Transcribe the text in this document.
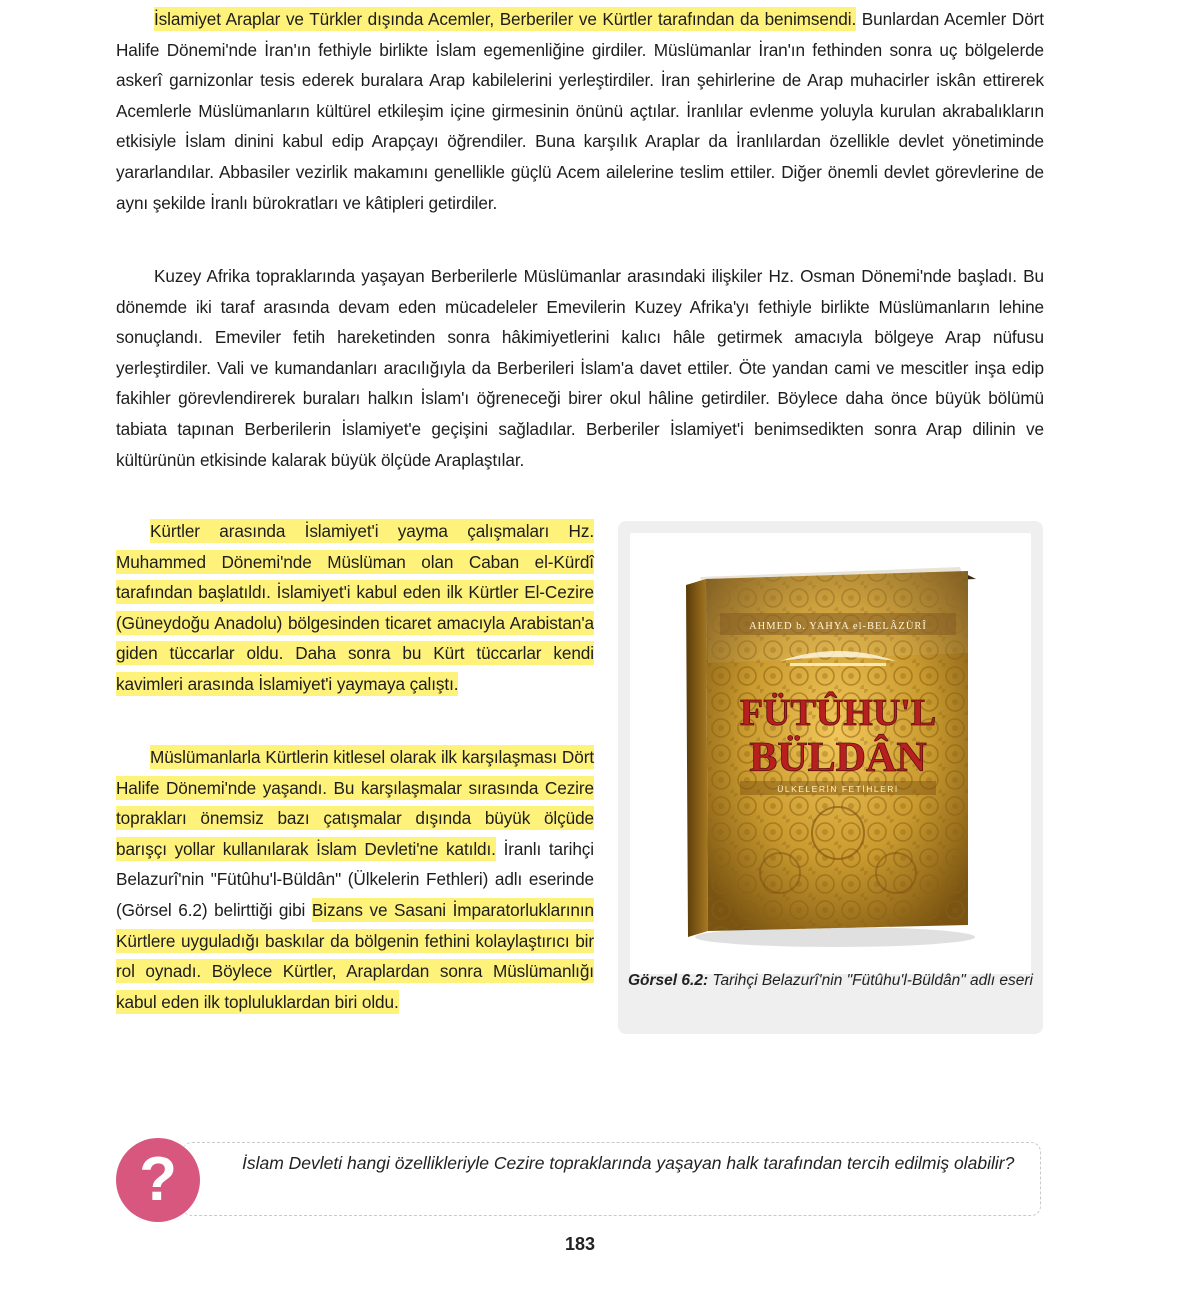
İslamiyet Araplar ve Türkler dışında Acemler, Berberiler ve Kürtler tarafından da benimsendi. Bunlardan Acemler Dört Halife Dönemi'nde İran'ın fethiyle birlikte İslam egemenliğine girdiler. Müslümanlar İran'ın fethinden sonra uç bölgelerde askerî garnizonlar tesis ederek buralara Arap kabilelerini yerleştirdiler. İran şehirlerine de Arap muhacirler iskân ettirerek Acemlerle Müslümanların kültürel etkileşim içine girmesinin önünü açtılar. İranlılar evlenme yoluyla kurulan akrabalıkların etkisiyle İslam dinini kabul edip Arapçayı öğrendiler. Buna karşılık Araplar da İranlılardan özellikle devlet yönetiminde yararlandılar. Abbasiler vezirlik makamını genellikle güçlü Acem ailelerine teslim ettiler. Diğer önemli devlet görevlerine de aynı şekilde İranlı bürokratları ve kâtipleri getirdiler.

Kuzey Afrika topraklarında yaşayan Berberilerle Müslümanlar arasındaki ilişkiler Hz. Osman Dönemi'nde başladı. Bu dönemde iki taraf arasında devam eden mücadeleler Emevilerin Kuzey Afrika'yı fethiyle birlikte Müslümanların lehine sonuçlandı. Emeviler fetih hareketinden sonra hâkimiyetlerini kalıcı hâle getirmek amacıyla bölgeye Arap nüfusu yerleştirdiler. Vali ve kumandanları aracılığıyla da Berberileri İslam'a davet ettiler. Öte yandan cami ve mescitler inşa edip fakihler görevlendirerek buraları halkın İslam'ı öğreneceği birer okul hâline getirdiler. Böylece daha önce büyük bölümü tabiata tapınan Berberilerin İslamiyet'e geçişini sağladılar. Berberiler İslamiyet'i benimsedikten sonra Arap dilinin ve kültürünün etkisinde kalarak büyük ölçüde Araplaştılar.

Kürtler arasında İslamiyet'i yayma çalışmaları Hz. Muhammed Dönemi'nde Müslüman olan Caban el-Kürdî tarafından başlatıldı. İslamiyet'i kabul eden ilk Kürtler El-Cezire (Güneydoğu Anadolu) bölgesinden ticaret amacıyla Arabistan'a giden tüccarlar oldu. Daha sonra bu Kürt tüccarlar kendi kavimleri arasında İslamiyet'i yaymaya çalıştı.

Müslümanlarla Kürtlerin kitlesel olarak ilk karşılaşması Dört Halife Dönemi'nde yaşandı. Bu karşılaşmalar sırasında Cezire toprakları önemsiz bazı çatışmalar dışında büyük ölçüde barışçı yollar kullanılarak İslam Devleti'ne katıldı. İranlı tarihçi Belazurî'nin "Fütûhu'l-Büldân" (Ülkelerin Fethleri) adlı eserinde (Görsel 6.2) belirttiği gibi Bizans ve Sasani İmparatorluklarının Kürtlere uyguladığı baskılar da bölgenin fethini kolaylaştırıcı bir rol oynadı. Böylece Kürtler, Araplardan sonra Müslümanlığı kabul eden ilk topluluklardan biri oldu.

AHMED b. YAHYA el-BELÂZÜRÎ
FÜTÛHU'L
BÜLDÂN
ÜLKELERİN FETİHLERİ
Görsel 6.2: Tarihçi Belazurî'nin "Fütûhu'l-Büldân" adlı eseri
?	İslam Devleti hangi özellikleriyle Cezire topraklarında yaşayan halk tarafından tercih edilmiş olabilir?
183
